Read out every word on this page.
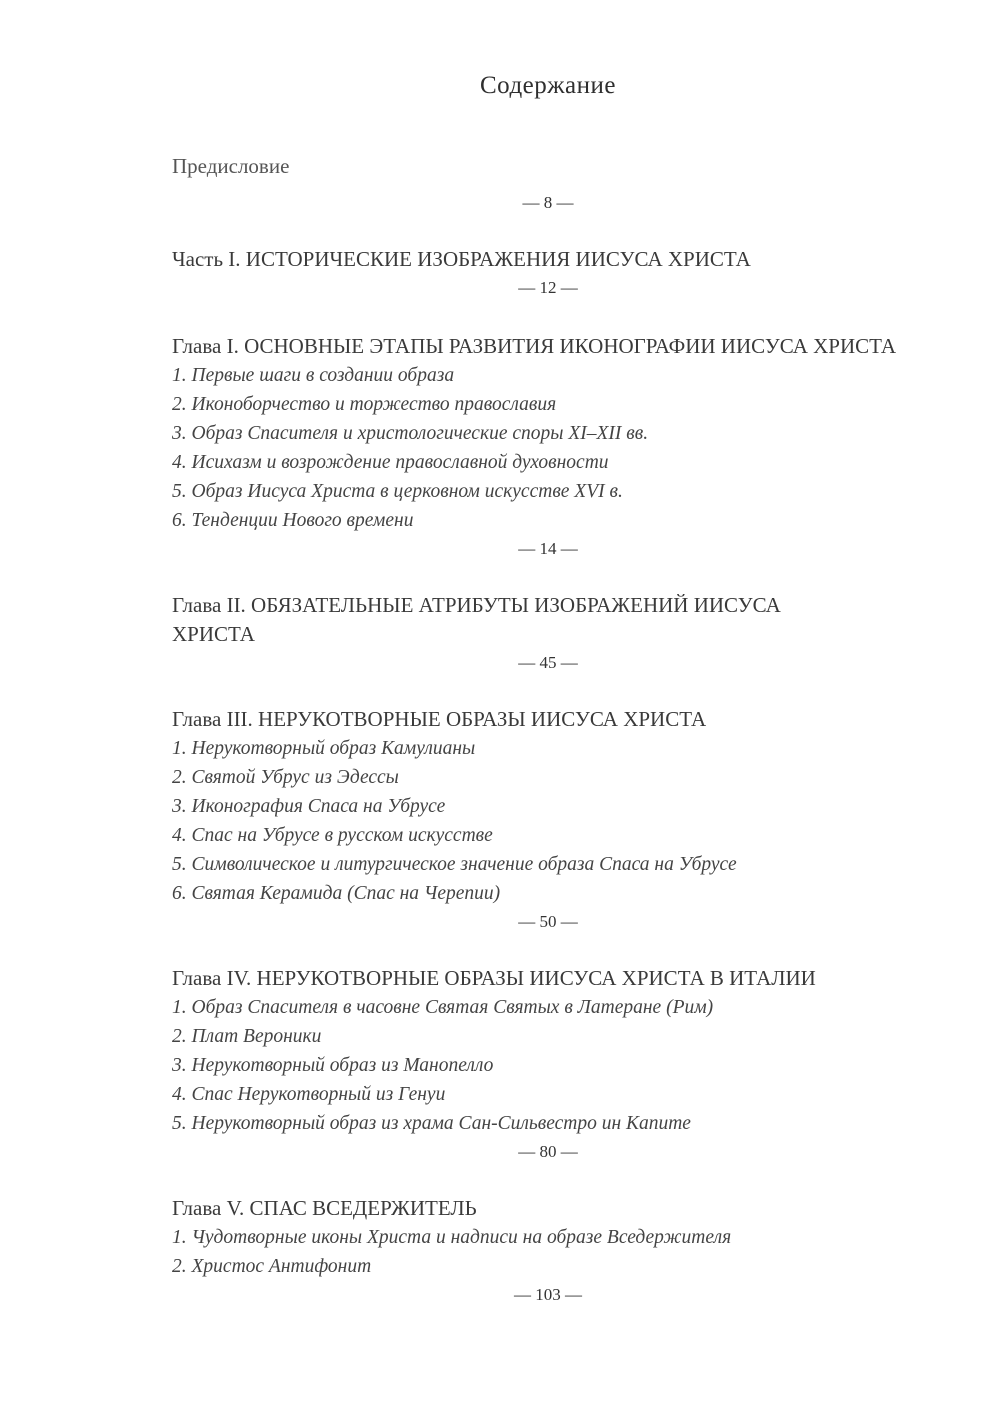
Содержание
Предисловие
— 8 —
Часть I. ИСТОРИЧЕСКИЕ ИЗОБРАЖЕНИЯ ИИСУСА ХРИСТА
— 12 —
Глава I. ОСНОВНЫЕ ЭТАПЫ РАЗВИТИЯ ИКОНОГРАФИИ ИИСУСА ХРИСТА
1. Первые шаги в создании образа
2. Иконоборчество и торжество православия
3. Образ Спасителя и христологические споры XI–XII вв.
4. Исихазм и возрождение православной духовности
5. Образ Иисуса Христа в церковном искусстве XVI в.
6. Тенденции Нового времени
— 14 —
Глава II. ОБЯЗАТЕЛЬНЫЕ АТРИБУТЫ ИЗОБРАЖЕНИЙ ИИСУСА ХРИСТА
— 45 —
Глава III. НЕРУКОТВОРНЫЕ ОБРАЗЫ ИИСУСА ХРИСТА
1. Нерукотворный образ Камулианы
2. Святой Убрус из Эдессы
3. Иконография Спаса на Убрусе
4. Спас на Убрусе в русском искусстве
5. Символическое и литургическое значение образа Спаса на Убрусе
6. Святая Керамида (Спас на Черепии)
— 50 —
Глава IV. НЕРУКОТВОРНЫЕ ОБРАЗЫ ИИСУСА ХРИСТА В ИТАЛИИ
1. Образ Спасителя в часовне Святая Святых в Латеране (Рим)
2. Плат Вероники
3. Нерукотворный образ из Манопелло
4. Спас Нерукотворный из Генуи
5. Нерукотворный образ из храма Сан-Сильвестро ин Капите
— 80 —
Глава V. СПАС ВСЕДЕРЖИТЕЛЬ
1. Чудотворные иконы Христа и надписи на образе Вседержителя
2. Христос Антифонит
— 103 —
